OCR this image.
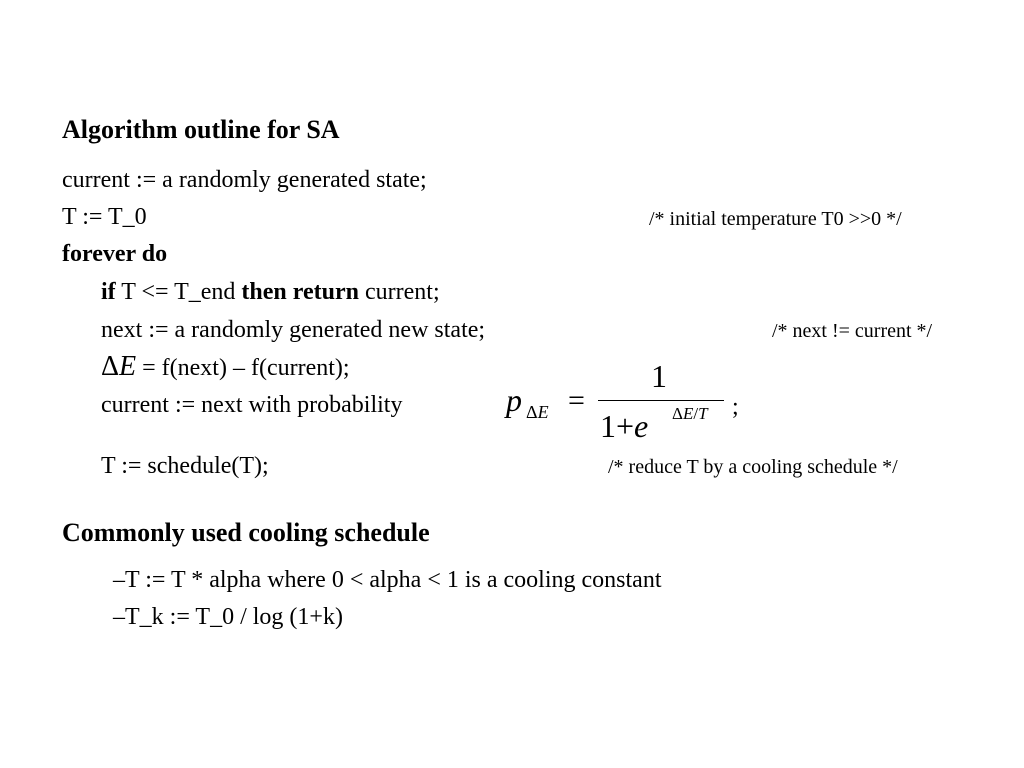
Algorithm outline for SA
current := a randomly generated state;
T := T_0	/* initial temperature T0 >>0 */
forever do
if T <= T_end then return current;
next := a randomly generated new state;	/* next != current */
ΔE = f(next) – f(current);
current := next with probability	p ΔE =
1
1+e ΔE/T ;
T := schedule(T);	/* reduce T by a cooling schedule */
Commonly used cooling schedule
–T := T * alpha where 0 < alpha < 1 is a cooling constant
–T_k := T_0 / log (1+k)
